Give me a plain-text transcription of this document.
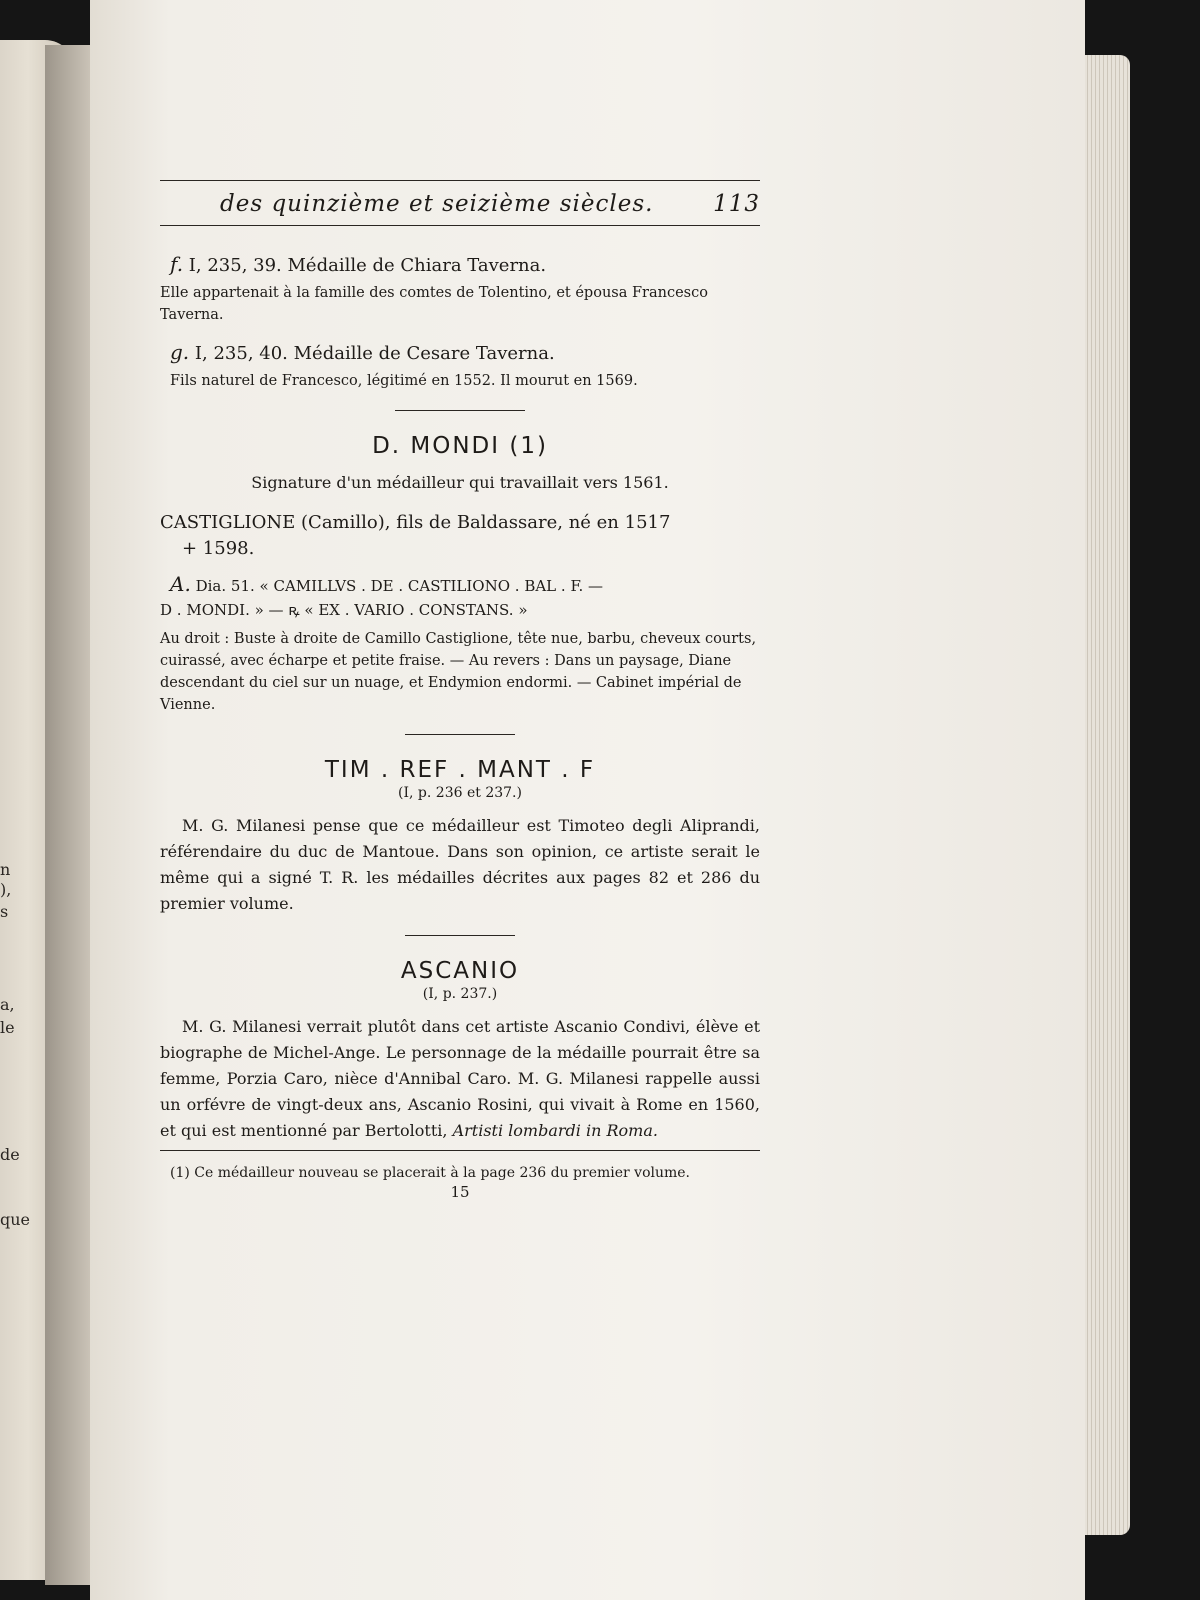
n
),
s
a,
le
de
que
des quinzième et seizième siècles.	113
f. I, 235, 39. Médaille de Chiara Taverna.
Elle appartenait à la famille des comtes de Tolentino, et épousa Francesco Taverna.
g. I, 235, 40. Médaille de Cesare Taverna.
Fils naturel de Francesco, légitimé en 1552. Il mourut en 1569.
D. MONDI (1)
Signature d'un médailleur qui travaillait vers 1561.
CASTIGLIONE (Camillo), fils de Baldassare, né en 1517
+ 1598.
A. Dia. 51. « CAMILLVS . DE . CASTILIONO . BAL . F. —
D . MONDI. » — ꝶ « EX . VARIO . CONSTANS. »
Au droit : Buste à droite de Camillo Castiglione, tête nue, barbu, cheveux courts, cuirassé, avec écharpe et petite fraise. — Au revers : Dans un paysage, Diane descendant du ciel sur un nuage, et Endymion endormi. — Cabinet impérial de Vienne.
TIM . REF . MANT . F
(I, p. 236 et 237.)
M. G. Milanesi pense que ce médailleur est Timoteo degli Aliprandi, référendaire du duc de Mantoue. Dans son opinion, ce artiste serait le même qui a signé T. R. les médailles décrites aux pages 82 et 286 du premier volume.
ASCANIO
(I, p. 237.)
M. G. Milanesi verrait plutôt dans cet artiste Ascanio Condivi, élève et biographe de Michel-Ange. Le personnage de la médaille pourrait être sa femme, Porzia Caro, nièce d'Annibal Caro. M. G. Milanesi rappelle aussi un orfévre de vingt-deux ans, Ascanio Rosini, qui vivait à Rome en 1560, et qui est mentionné par Bertolotti, Artisti lombardi in Roma.
(1) Ce médailleur nouveau se placerait à la page 236 du premier volume.
15
